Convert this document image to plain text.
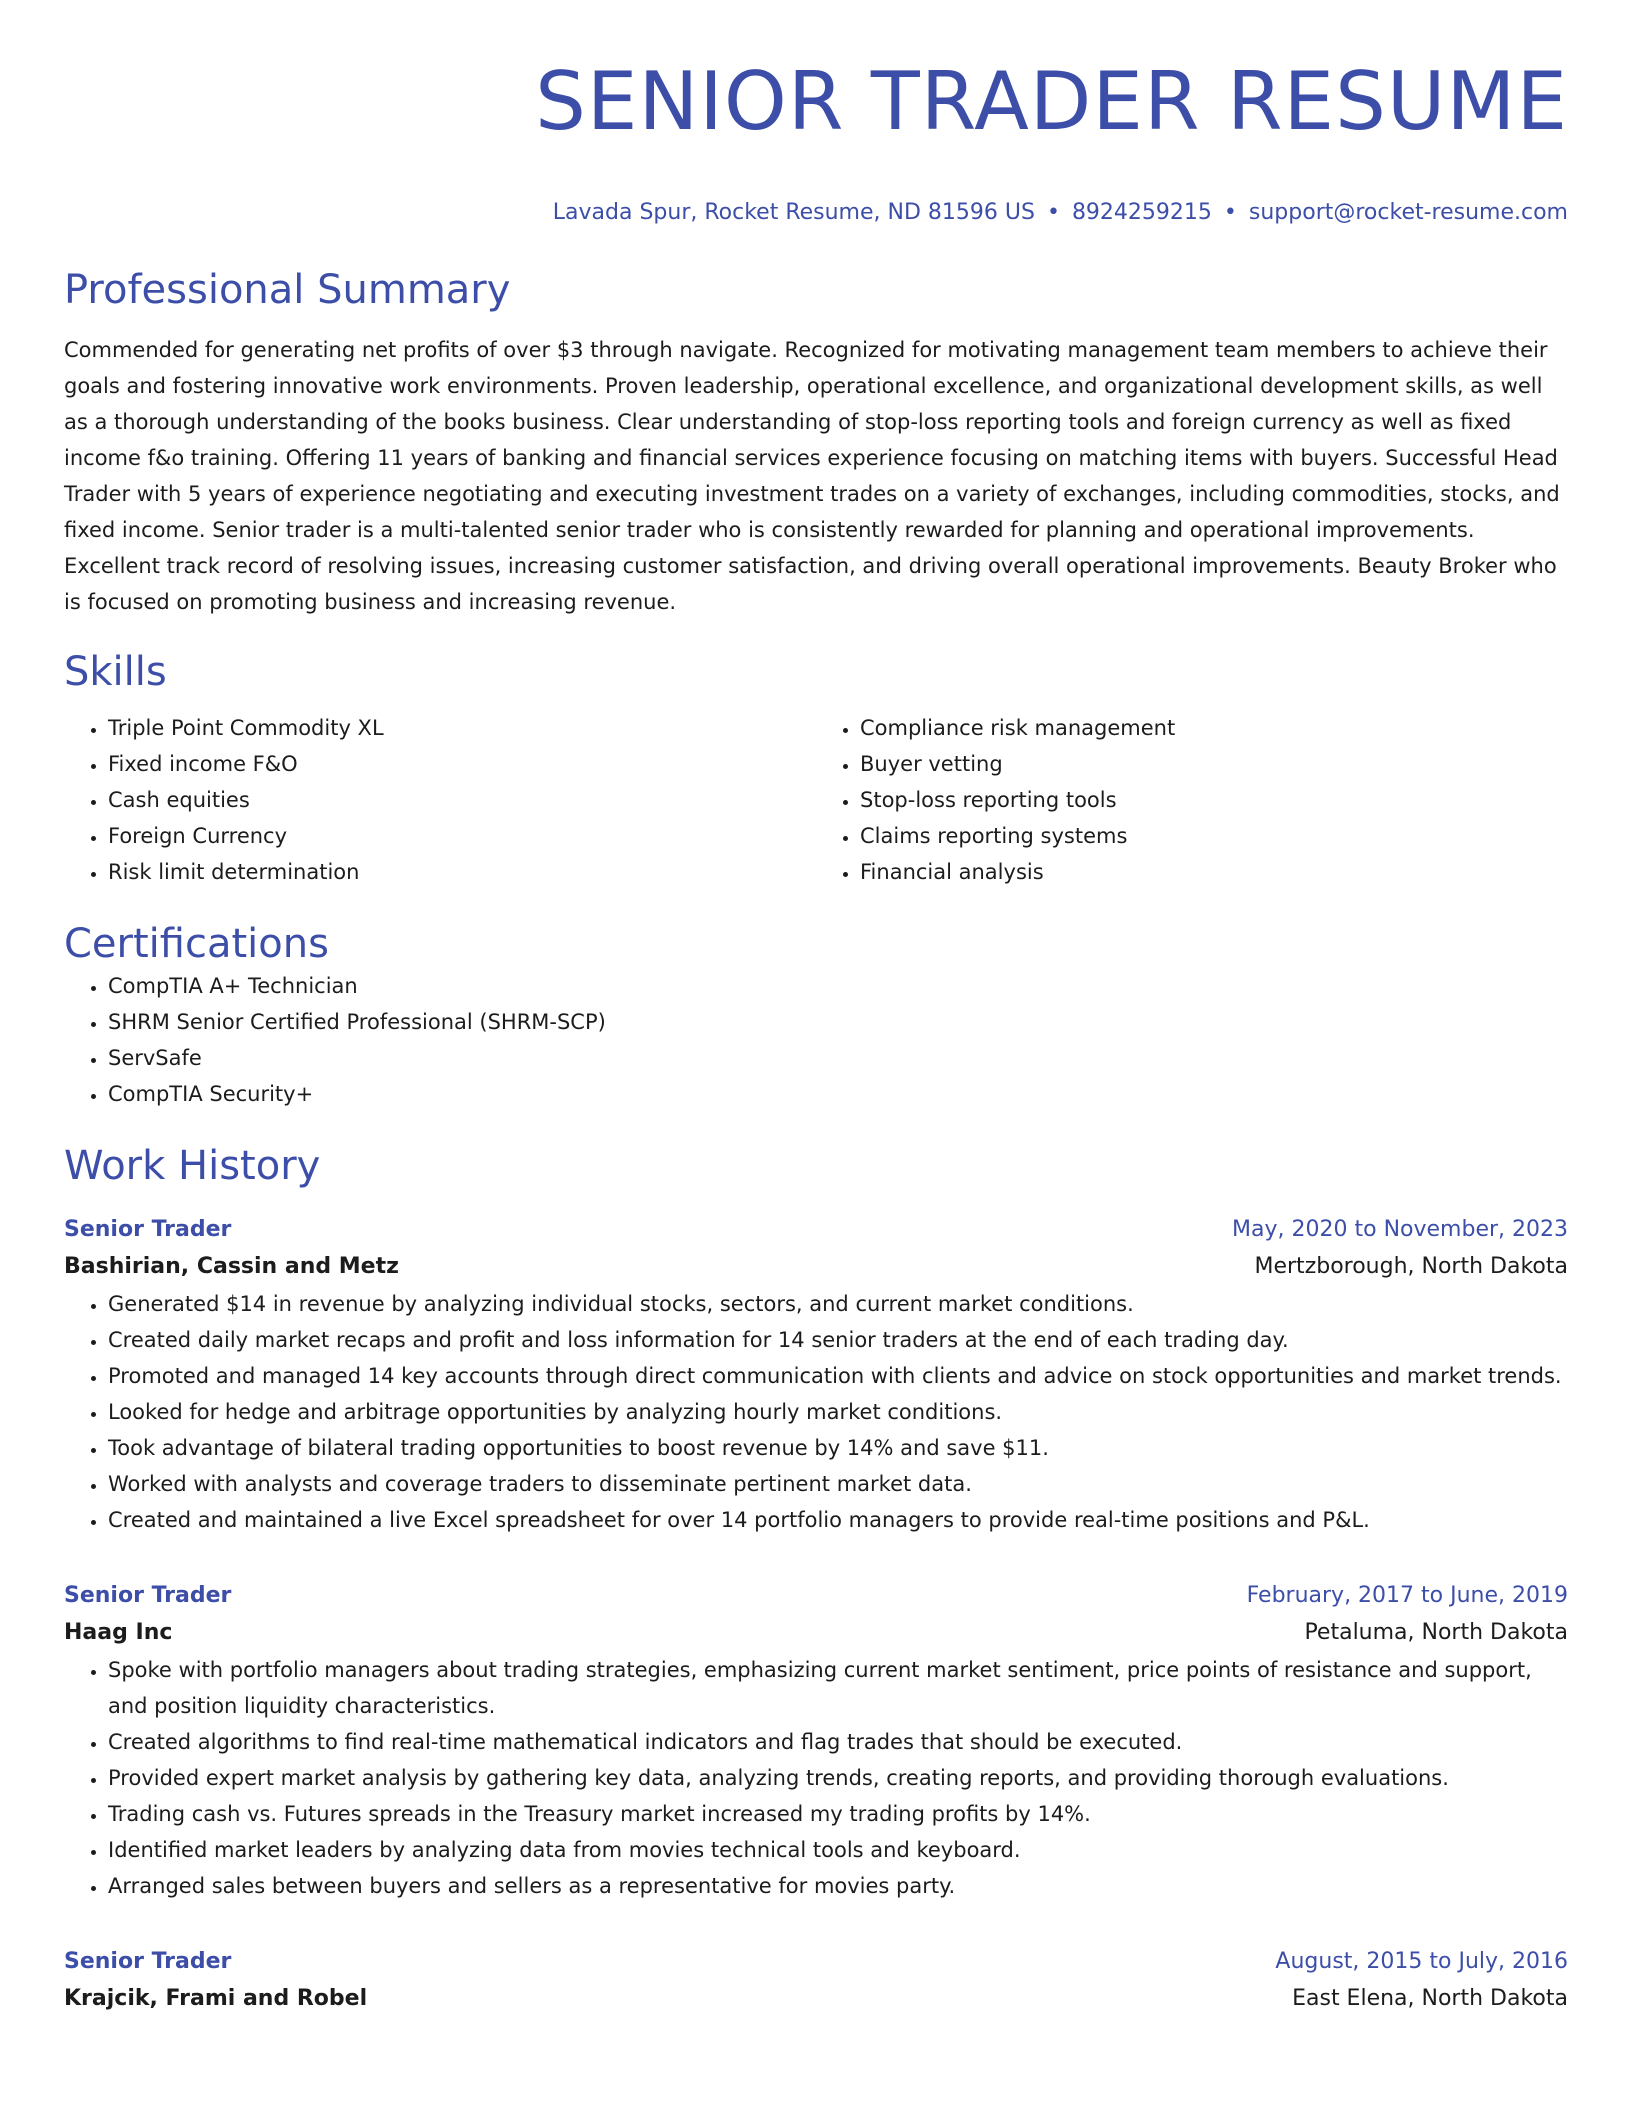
SENIOR TRADER RESUME
Lavada Spur, Rocket Resume, ND 81596 US • 8924259215 • support@rocket-resume.com
Professional Summary

Commended for generating net profits of over $3 through navigate. Recognized for motivating management team members to achieve their goals and fostering innovative work environments. Proven leadership, operational excellence, and organizational development skills, as well as a thorough understanding of the books business. Clear understanding of stop-loss reporting tools and foreign currency as well as fixed income f&o training. Offering 11 years of banking and financial services experience focusing on matching items with buyers. Successful Head Trader with 5 years of experience negotiating and executing investment trades on a variety of exchanges, including commodities, stocks, and fixed income. Senior trader is a multi-talented senior trader who is consistently rewarded for planning and operational improvements. Excellent track record of resolving issues, increasing customer satisfaction, and driving overall operational improvements. Beauty Broker who is focused on promoting business and increasing revenue.

Skills
• Triple Point Commodity XL
• Fixed income F&O
• Cash equities
• Foreign Currency
• Risk limit determination
• Compliance risk management
• Buyer vetting
• Stop-loss reporting tools
• Claims reporting systems
• Financial analysis
Certifications
• CompTIA A+ Technician
• SHRM Senior Certified Professional (SHRM-SCP)
• ServSafe
• CompTIA Security+
Work History
Senior Trader	May, 2020 to November, 2023
Bashirian, Cassin and Metz	Mertzborough, North Dakota
• Generated $14 in revenue by analyzing individual stocks, sectors, and current market conditions.
• Created daily market recaps and profit and loss information for 14 senior traders at the end of each trading day.
• Promoted and managed 14 key accounts through direct communication with clients and advice on stock opportunities and market trends.
• Looked for hedge and arbitrage opportunities by analyzing hourly market conditions.
• Took advantage of bilateral trading opportunities to boost revenue by 14% and save $11.
• Worked with analysts and coverage traders to disseminate pertinent market data.
• Created and maintained a live Excel spreadsheet for over 14 portfolio managers to provide real-time positions and P&L.
Senior Trader	February, 2017 to June, 2019
Haag Inc	Petaluma, North Dakota
• Spoke with portfolio managers about trading strategies, emphasizing current market sentiment, price points of resistance and support, and position liquidity characteristics.
• Created algorithms to find real-time mathematical indicators and flag trades that should be executed.
• Provided expert market analysis by gathering key data, analyzing trends, creating reports, and providing thorough evaluations.
• Trading cash vs. Futures spreads in the Treasury market increased my trading profits by 14%.
• Identified market leaders by analyzing data from movies technical tools and keyboard.
• Arranged sales between buyers and sellers as a representative for movies party.
Senior Trader	August, 2015 to July, 2016
Krajcik, Frami and Robel	East Elena, North Dakota
